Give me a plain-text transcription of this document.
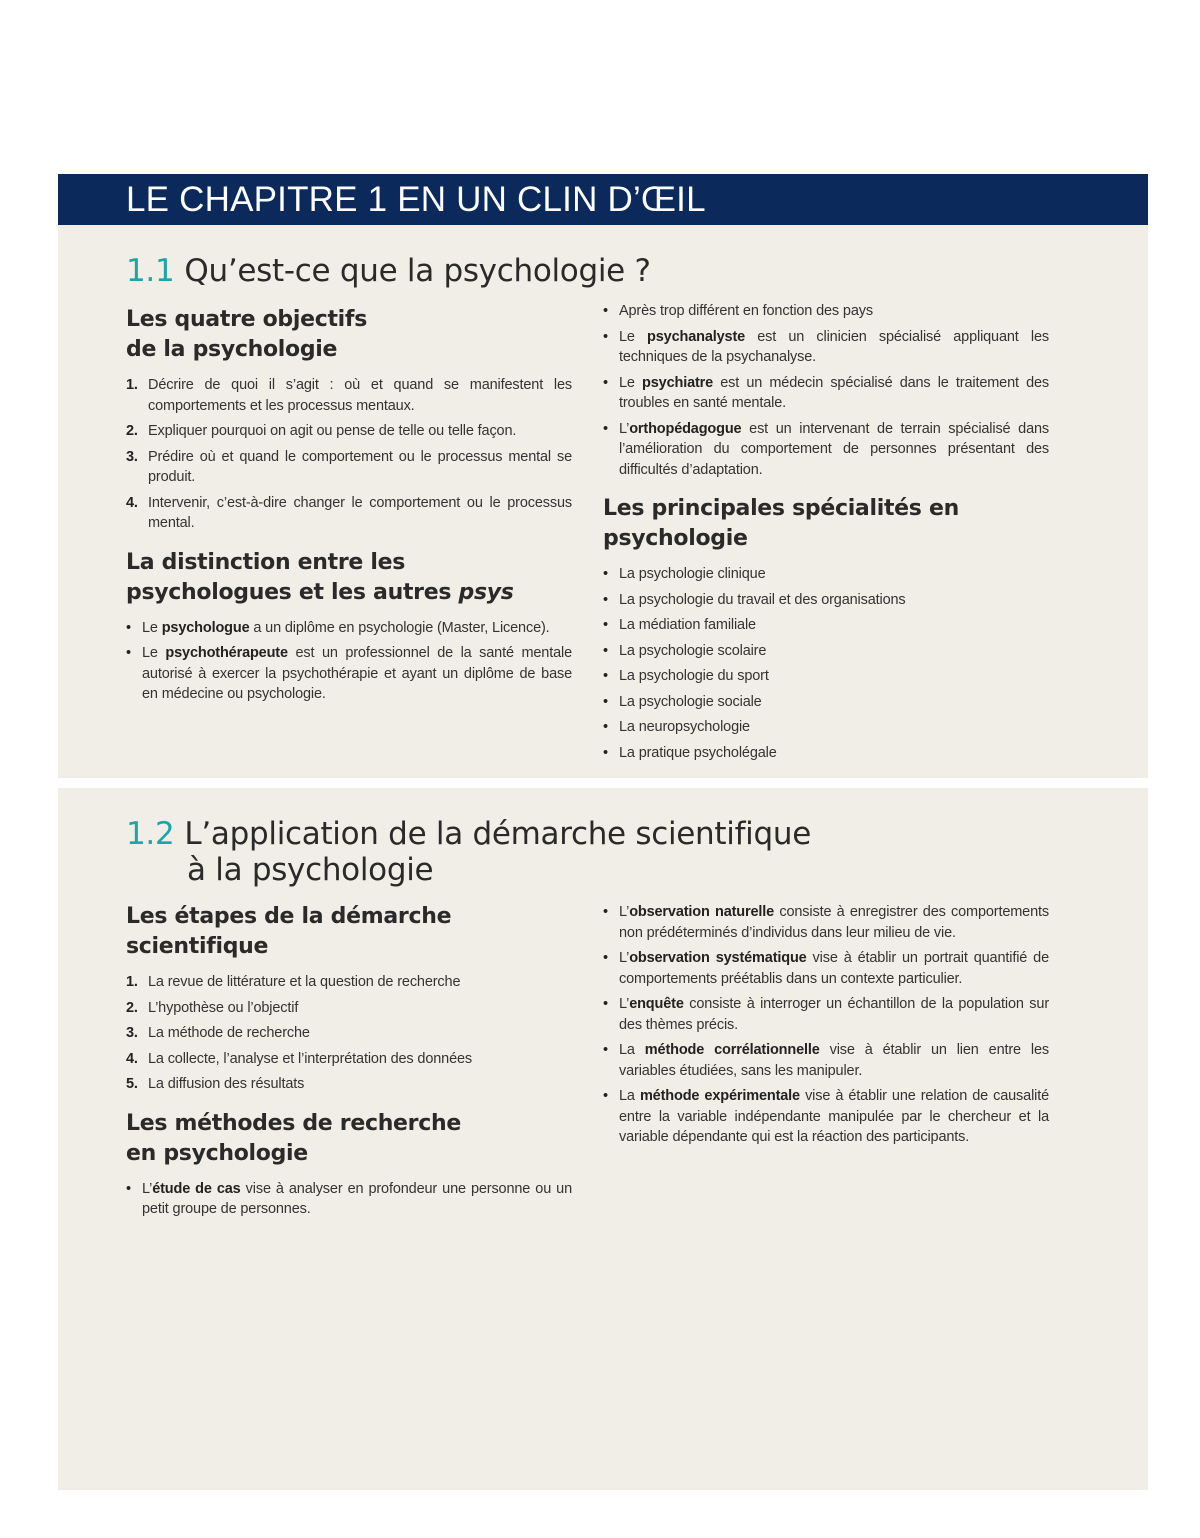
LE CHAPITRE 1 EN UN CLIN D’ŒIL
1.1 Qu’est-ce que la psychologie ?
Les quatre objectifs
de la psychologie
1. Décrire de quoi il s’agit : où et quand se manifestent les comportements et les processus mentaux.
2. Expliquer pourquoi on agit ou pense de telle ou telle façon.
3. Prédire où et quand le comportement ou le processus mental se produit.
4. Intervenir, c’est-à-dire changer le comportement ou le processus mental.
La distinction entre les
psychologues et les autres psys
• Le psychologue a un diplôme en psychologie (Master, Licence).
• Le psychothérapeute est un professionnel de la santé mentale autorisé à exercer la psychothérapie et ayant un diplôme de base en médecine ou psychologie.
• Après trop différent en fonction des pays
• Le psychanalyste est un clinicien spécialisé appliquant les techniques de la psychanalyse.
• Le psychiatre est un médecin spécialisé dans le traitement des troubles en santé mentale.
• L’orthopédagogue est un intervenant de terrain spécialisé dans l’amélioration du comportement de personnes présentant des difficultés d’adaptation.
Les principales spécialités en psychologie
• La psychologie clinique
• La psychologie du travail et des organisations
• La médiation familiale
• La psychologie scolaire
• La psychologie du sport
• La psychologie sociale
• La neuropsychologie
• La pratique psycholégale
1.2 L’application de la démarche scientifique
à la psychologie
Les étapes de la démarche
scientifique
1. La revue de littérature et la question de recherche
2. L’hypothèse ou l’objectif
3. La méthode de recherche
4. La collecte, l’analyse et l’interprétation des données
5. La diffusion des résultats
Les méthodes de recherche
en psychologie
• L’étude de cas vise à analyser en profondeur une personne ou un petit groupe de personnes.
• L’observation naturelle consiste à enregistrer des comportements non prédéterminés d’individus dans leur milieu de vie.
• L’observation systématique vise à établir un portrait quantifié de comportements préétablis dans un contexte particulier.
• L’enquête consiste à interroger un échantillon de la population sur des thèmes précis.
• La méthode corrélationnelle vise à établir un lien entre les variables étudiées, sans les manipuler.
• La méthode expérimentale vise à établir une relation de causalité entre la variable indépendante manipulée par le chercheur et la variable dépendante qui est la réaction des participants.
